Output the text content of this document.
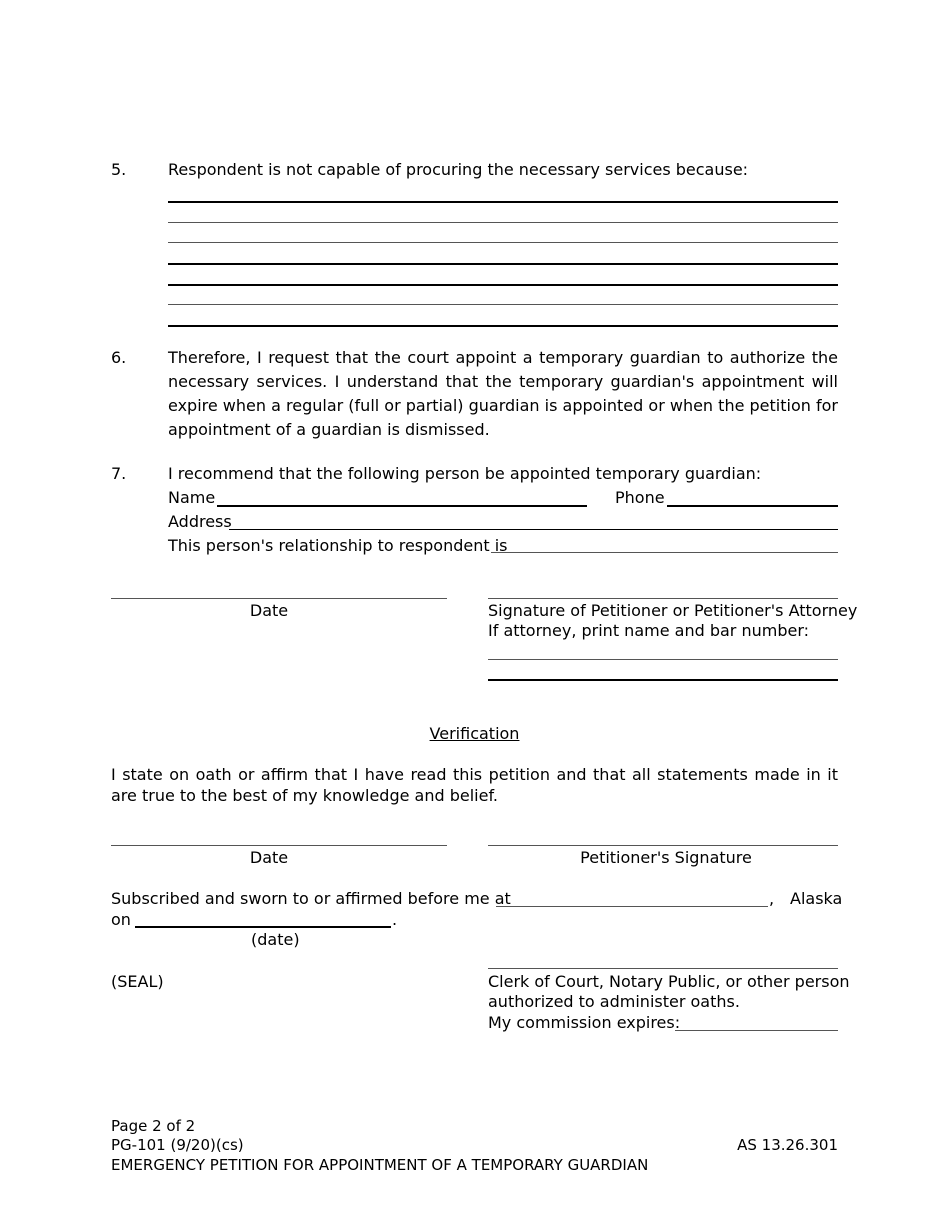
5.	Respondent is not capable of procuring the necessary services because:
6.	Therefore, I request that the court appoint a temporary guardian to authorize the necessary services. I understand that the temporary guardian's appointment will expire when a regular (full or partial) guardian is appointed or when the petition for appointment of a guardian is dismissed.
7.	I recommend that the following person be appointed temporary guardian:
Name	Phone
Address
This person's relationship to respondent is
Date	Signature of Petitioner or Petitioner's Attorney
If attorney, print name and bar number:
Verification
I state on oath or affirm that I have read this petition and that all statements made in it are true to the best of my knowledge and belief.
Date	Petitioner's Signature
Subscribed and sworn to or affirmed before me at	, Alaska
on	.
(date)
(SEAL)	Clerk of Court, Notary Public, or other person
authorized to administer oaths.
My commission expires:
Page 2 of 2
PG-101 (9/20)(cs)
EMERGENCY PETITION FOR APPOINTMENT OF A TEMPORARY GUARDIAN
AS 13.26.301
